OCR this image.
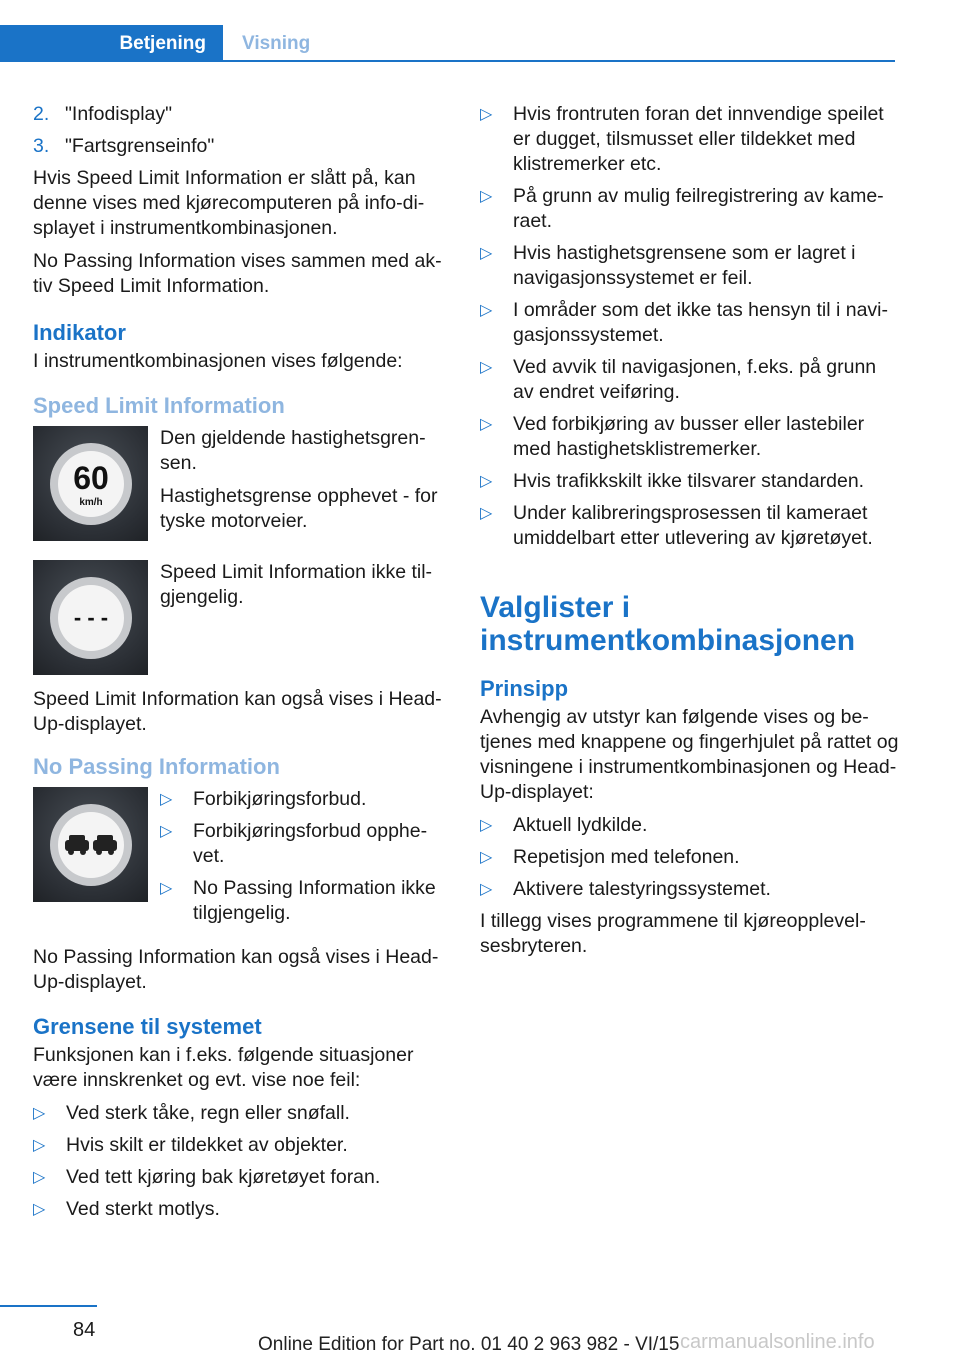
Betjening	Visning
2. "Infodisplay"
3. "Fartsgrenseinfo"

Hvis Speed Limit Information er slått på, kan denne vises med kjørecomputeren på info-di-splayet i instrumentkombinasjonen.

No Passing Information vises sammen med ak-tiv Speed Limit Information.

Indikator

I instrumentkombinasjonen vises følgende:

Speed Limit Information
60
km/h

Den gjeldende hastighetsgren-sen.

Hastighetsgrense opphevet - for tyske motorveier.

- - -

Speed Limit Information ikke til-gjengelig.

Speed Limit Information kan også vises i Head-Up-displayet.

No Passing Information
▷	Forbikjøringsforbud.
▷	Forbikjøringsforbud opphe-vet.
▷	No Passing Information ikke tilgjengelig.

No Passing Information kan også vises i Head-Up-displayet.

Grensene til systemet

Funksjonen kan i f.eks. følgende situasjoner være innskrenket og evt. vise noe feil:

▷	Ved sterk tåke, regn eller snøfall.
▷	Hvis skilt er tildekket av objekter.
▷	Ved tett kjøring bak kjøretøyet foran.
▷	Ved sterkt motlys.
▷	Hvis frontruten foran det innvendige speilet er dugget, tilsmusset eller tildekket med klistremerker etc.
▷	På grunn av mulig feilregistrering av kame-raet.
▷	Hvis hastighetsgrensene som er lagret i navigasjonssystemet er feil.
▷	I områder som det ikke tas hensyn til i navi-gasjonssystemet.
▷	Ved avvik til navigasjonen, f.eks. på grunn av endret veiføring.
▷	Ved forbikjøring av busser eller lastebiler med hastighetsklistremerker.
▷	Hvis trafikkskilt ikke tilsvarer standarden.
▷	Under kalibreringsprosessen til kameraet umiddelbart etter utlevering av kjøretøyet.
Valglister i instrumentkombinasjonen
Prinsipp

Avhengig av utstyr kan følgende vises og be-tjenes med knappene og fingerhjulet på rattet og visningene i instrumentkombinasjonen og Head-Up-displayet:

▷	Aktuell lydkilde.
▷	Repetisjon med telefonen.
▷	Aktivere talestyringssystemet.

I tillegg vises programmene til kjøreopplevel-sesbryteren.

84
Online Edition for Part no. 01 40 2 963 982 - VI/15 carmanualsonline.info
